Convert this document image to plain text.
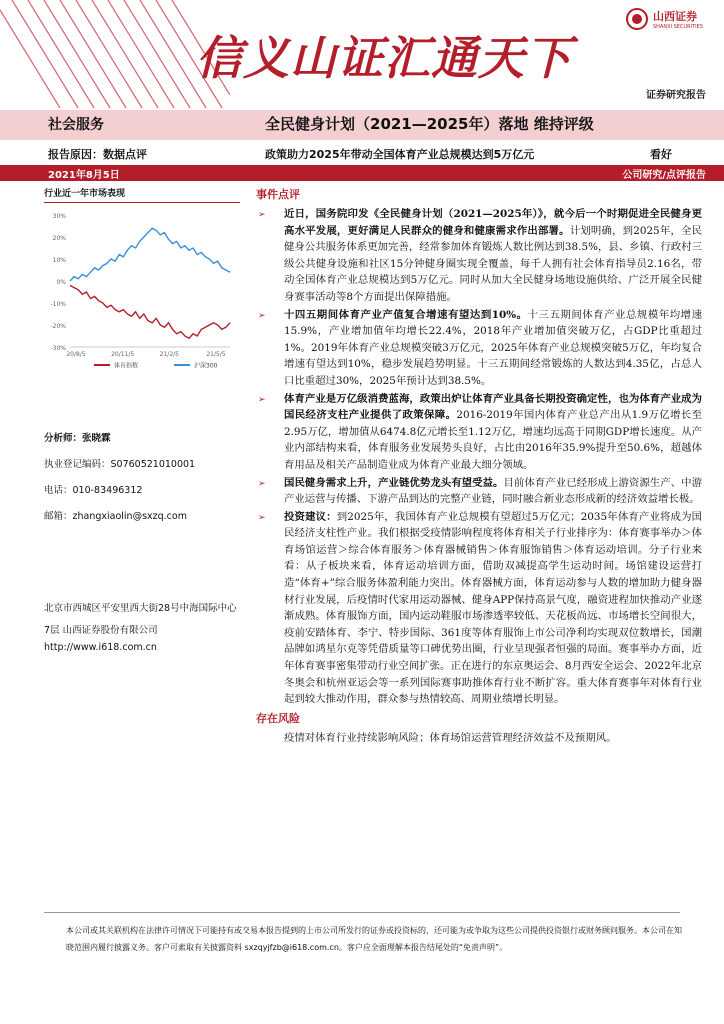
信义山证汇通天下
山西证券
SHANXI SECURITIES
证券研究报告
社会服务	全民健身计划（2021—2025年）落地 维持评级
报告原因：数据点评	政策助力2025年带动全国体育产业总规模达到5万亿元	看好
2021年8月5日	公司研究/点评报告
行业近一年市场表现
30%
20%
10%
0%
-10%
-20%
-30%
20/8/5	20/11/5	21/2/5	21/5/5
体育指数	沪深300
分析师：张晓霖
执业登记编码：S0760521010001
电话：010-83496312
邮箱：zhangxiaolin@sxzq.com
北京市西城区平安里西大街28号中海国际中心7层 山西证券股份有限公司
http://www.i618.com.cn
事件点评
➢ 近日，国务院印发《全民健身计划（2021—2025年）》，就今后一个时期促进全民健身更高水平发展，更好满足人民群众的健身和健康需求作出部署。计划明确，到2025年，全民健身公共服务体系更加完善，经常参加体育锻炼人数比例达到38.5%，县、乡镇、行政村三级公共健身设施和社区15分钟健身圈实现全覆盖，每千人拥有社会体育指导员2.16名，带动全国体育产业总规模达到5万亿元。同时从加大全民健身场地设施供给、广泛开展全民健身赛事活动等8个方面提出保障措施。
➢ 十四五期间体育产业产值复合增速有望达到10%。十三五期间体育产业总规模年均增速15.9%，产业增加值年均增长22.4%，2018年产业增加值突破万亿，占GDP比重超过1%。2019年体育产业总规模突破3万亿元，2025年体育产业总规模突破5万亿，年均复合增速有望达到10%，稳步发展趋势明显。十三五期间经常锻炼的人数达到4.35亿，占总人口比重超过30%，2025年预计达到38.5%。
➢ 体育产业是万亿级消费蓝海，政策出炉让体育产业具备长期投资确定性，也为体育产业成为国民经济支柱产业提供了政策保障。2016-2019年国内体育产业总产出从1.9万亿增长至2.95万亿，增加值从6474.8亿元增长至1.12万亿，增速均远高于同期GDP增长速度。从产业内部结构来看，体育服务业发展势头良好，占比由2016年35.9%提升至50.6%，超越体育用品及相关产品制造业成为体育产业最大细分领域。
➢ 国民健身需求上升，产业链优势龙头有望受益。目前体育产业已经形成上游资源生产、中游产业运营与传播、下游产品到达的完整产业链，同时融合新业态形成新的经济效益增长极。
➢ 投资建议：到2025年，我国体育产业总规模有望超过5万亿元；2035年体育产业将成为国民经济支柱性产业。我们根据受疫情影响程度将体育相关子行业排序为：体育赛事举办＞体育场馆运营＞综合体育服务＞体育器械销售＞体育服饰销售＞体育运动培训。分子行业来看：从子板块来看，体育运动培训方面，借助双减提高学生运动时间。场馆建设运营打造“体育+”综合服务体盈利能力突出。体育器械方面，体育运动参与人数的增加助力健身器材行业发展，后疫情时代家用运动器械、健身APP保持高景气度，融资进程加快推动产业逐渐成熟。体育服饰方面，国内运动鞋服市场渗透率较低、天花板尚远、市场增长空间很大，疫前安踏体育、李宁、特步国际、361度等体育服饰上市公司净利均实现双位数增长，国潮品牌如鸿星尔克等凭借质量等口碑优势出圈，行业呈现强者恒强的局面。赛事举办方面，近年体育赛事密集带动行业空间扩张。正在进行的东京奥运会、8月西安全运会、2022年北京冬奥会和杭州亚运会等一系列国际赛事助推体育行业不断扩容。重大体育赛事年对体育行业起到较大推动作用，群众参与热情较高、周期业绩增长明显。
存在风险
疫情对体育行业持续影响风险；体育场馆运营管理经济效益不及预期风。
本公司或其关联机构在法律许可情况下可能持有或交易本报告提到的上市公司所发行的证券或投资标的，还可能为或争取为这些公司提供投资银行或财务顾问服务。本公司在知晓范围内履行披露义务。客户可索取有关披露资料 sxzqyjfzb@i618.com.cn。客户应全面理解本报告结尾处的“免责声明”。
